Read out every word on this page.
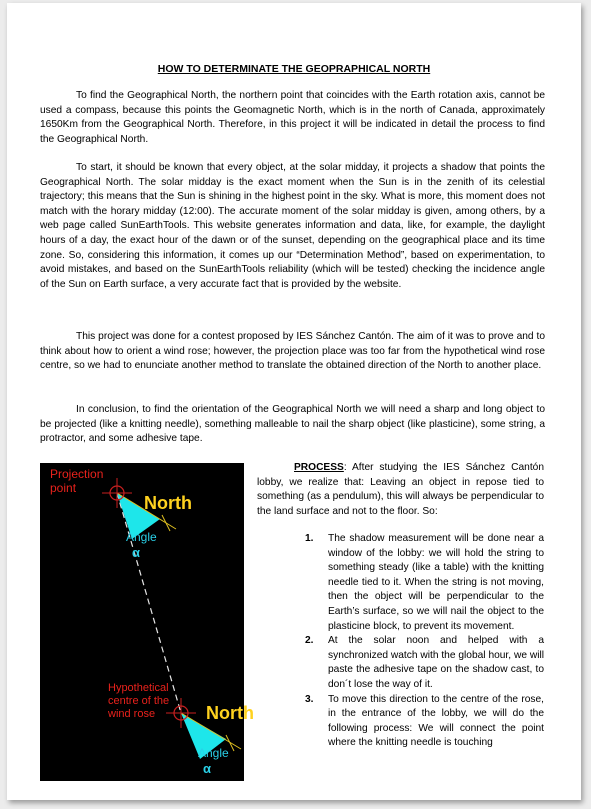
HOW TO DETERMINATE THE GEOPRAPHICAL NORTH

To find the Geographical North, the northern point that coincides with the Earth rotation axis, cannot be used a compass, because this points the Geomagnetic North, which is in the north of Canada, approximately 1650Km from the Geographical North. Therefore, in this project it will be indicated in detail the process to find the Geographical North.

To start, it should be known that every object, at the solar midday, it projects a shadow that points the Geographical North. The solar midday is the exact moment when the Sun is in the zenith of its celestial trajectory; this means that the Sun is shining in the highest point in the sky. What is more, this moment does not match with the horary midday (12:00). The accurate moment of the solar midday is given, among others, by a web page called SunEarthTools. This website generates information and data, like, for example, the daylight hours of a day, the exact hour of the dawn or of the sunset, depending on the geographical place and its time zone. So, considering this information, it comes up our “Determination Method”, based on experimentation, to avoid mistakes, and based on the SunEarthTools reliability (which will be tested) checking the incidence angle of the Sun on Earth surface, a very accurate fact that is provided by the website.

This project was done for a contest proposed by IES Sánchez Cantón. The aim of it was to prove and to think about how to orient a wind rose; however, the projection place was too far from the hypothetical wind rose centre, so we had to enunciate another method to translate the obtained direction of the North to another place.

In conclusion, to find the orientation of the Geographical North we will need a sharp and long object to be projected (like a knitting needle), something malleable to nail the sharp object (like plasticine), some string, a protractor, and some adhesive tape.

Projection
point
North
Angle
α
Hypothetical
centre of the
wind rose	North
Angle
α

PROCESS: After studying the IES Sánchez Cantón lobby, we realize that: Leaving an object in repose tied to something (as a pendulum), this will always be perpendicular to the land surface and not to the floor. So:

1. The shadow measurement will be done near a window of the lobby: we will hold the string to something steady (like a table) with the knitting needle tied to it. When the string is not moving, then the object will be perpendicular to the Earth’s surface, so we will nail the object to the plasticine block, to prevent its movement.
2. At the solar noon and helped with a synchronized watch with the global hour, we will paste the adhesive tape on the shadow cast, to don´t lose the way of it.
3. To move this direction to the centre of the rose, in the entrance of the lobby, we will do the following process: We will connect the point where the knitting needle is touching
